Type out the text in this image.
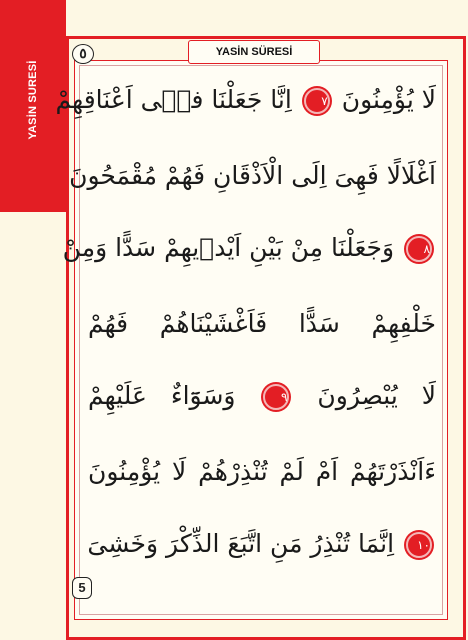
YASİN SURESİ
YASİN SÜRESİ
٥
5
لَا يُؤْمِنُونَ ٧ اِنَّا جَعَلْنَا فٖۤى اَعْنَاقِهِمْ
اَغْلَالًا فَهِىَ اِلَى الْاَذْقَانِ فَهُمْ مُقْمَحُونَ
٨ وَجَعَلْنَا مِنْ بَيْنِ اَيْدٖيهِمْ سَدًّا وَمِنْ
خَلْفِهِمْ سَدًّا فَاَغْشَيْنَاهُمْ فَهُمْ
لَا يُبْصِرُونَ ٩ وَسَوَٓاءٌ عَلَيْهِمْ
ءَاَنْذَرْتَهُمْ اَمْ لَمْ تُنْذِرْهُمْ لَا يُؤْمِنُونَ
١٠ اِنَّمَا تُنْذِرُ مَنِ اتَّبَعَ الذِّكْرَ وَخَشِىَ
